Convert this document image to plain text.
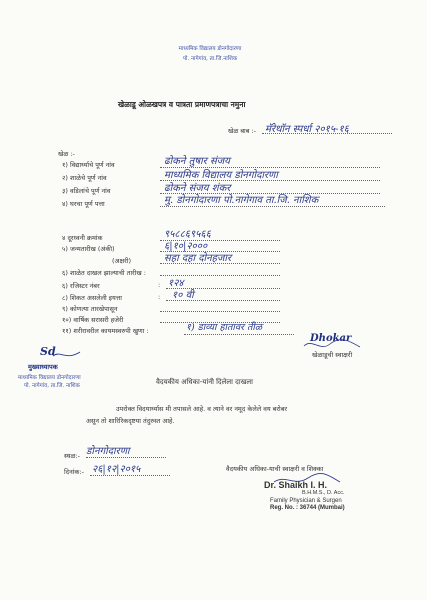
माध्यमिक विद्यालय डोनगोदारणा
पो. नागेगांव, ता.जि.नाशिक
खेळाडू ओळखपत्र व पात्रता प्रमाणपत्राचा नमुना
खेळ बाब :- मॅरेथॉन स्पर्धा २०१५-१६
खेळ :-
१) विद्यार्थ्याचे पूर्ण नांव	ढोकने तुषार संजय
२) शाळेचे पूर्ण नांव	माध्यमिक विद्यालय डोनगोदारणा
३) वडिलांचे पूर्ण नांव	ढोकने संजय शंकर
४) घरचा पूर्ण पत्ता	मु. डोनगोदारणा पो.नागेगाव ता.जि. नाशिक
४ दूरध्वनी क्रमांक	९५८८६९५६६
५) जन्मतारीख (अंकी)	६|१०|२०००
(अक्षरी)	सहा दहा दोनहजार
६) शाळेत दाखल झाल्याची तारीख :
६) रजिस्टर नंबर	: १२४
८) शिकत असलेली इयत्ता	: १० वी
९) कोणत्या तारखेपासून
१०) वार्षिक सरासरी हजेरी
११) शरीरावरील कायमस्वरुपी खुणा :	१) डाव्या हातावर तीळ
Dhokar
खेळाडूची स्वाक्षरी
Sd
मुख्याध्यापक
माध्यमिक विद्यालय डोनगोदारणा
पो. नागेगांव, ता.जि. नाशिक	वैदयकीय अधिका-यांनी दिलेला दाखला
उपरोक्त विदयार्थ्यास मी तपासले आहे. व त्याने वर नमूद केलेले वय बरोबर
असून तो शारिरिकदृष्टया तंदुरुस्त आहे.
स्थळ:- डोनगोदारणा
दिनांक:- २६|१२|२०१५	वैदयकीय अधिका-याची स्वाक्षरी व शिक्का
Dr. Shaikh I. H.
B.H.M.S., D. Acc.
Family Physician & Surgen
Reg. No. : 36744 (Mumbai)
